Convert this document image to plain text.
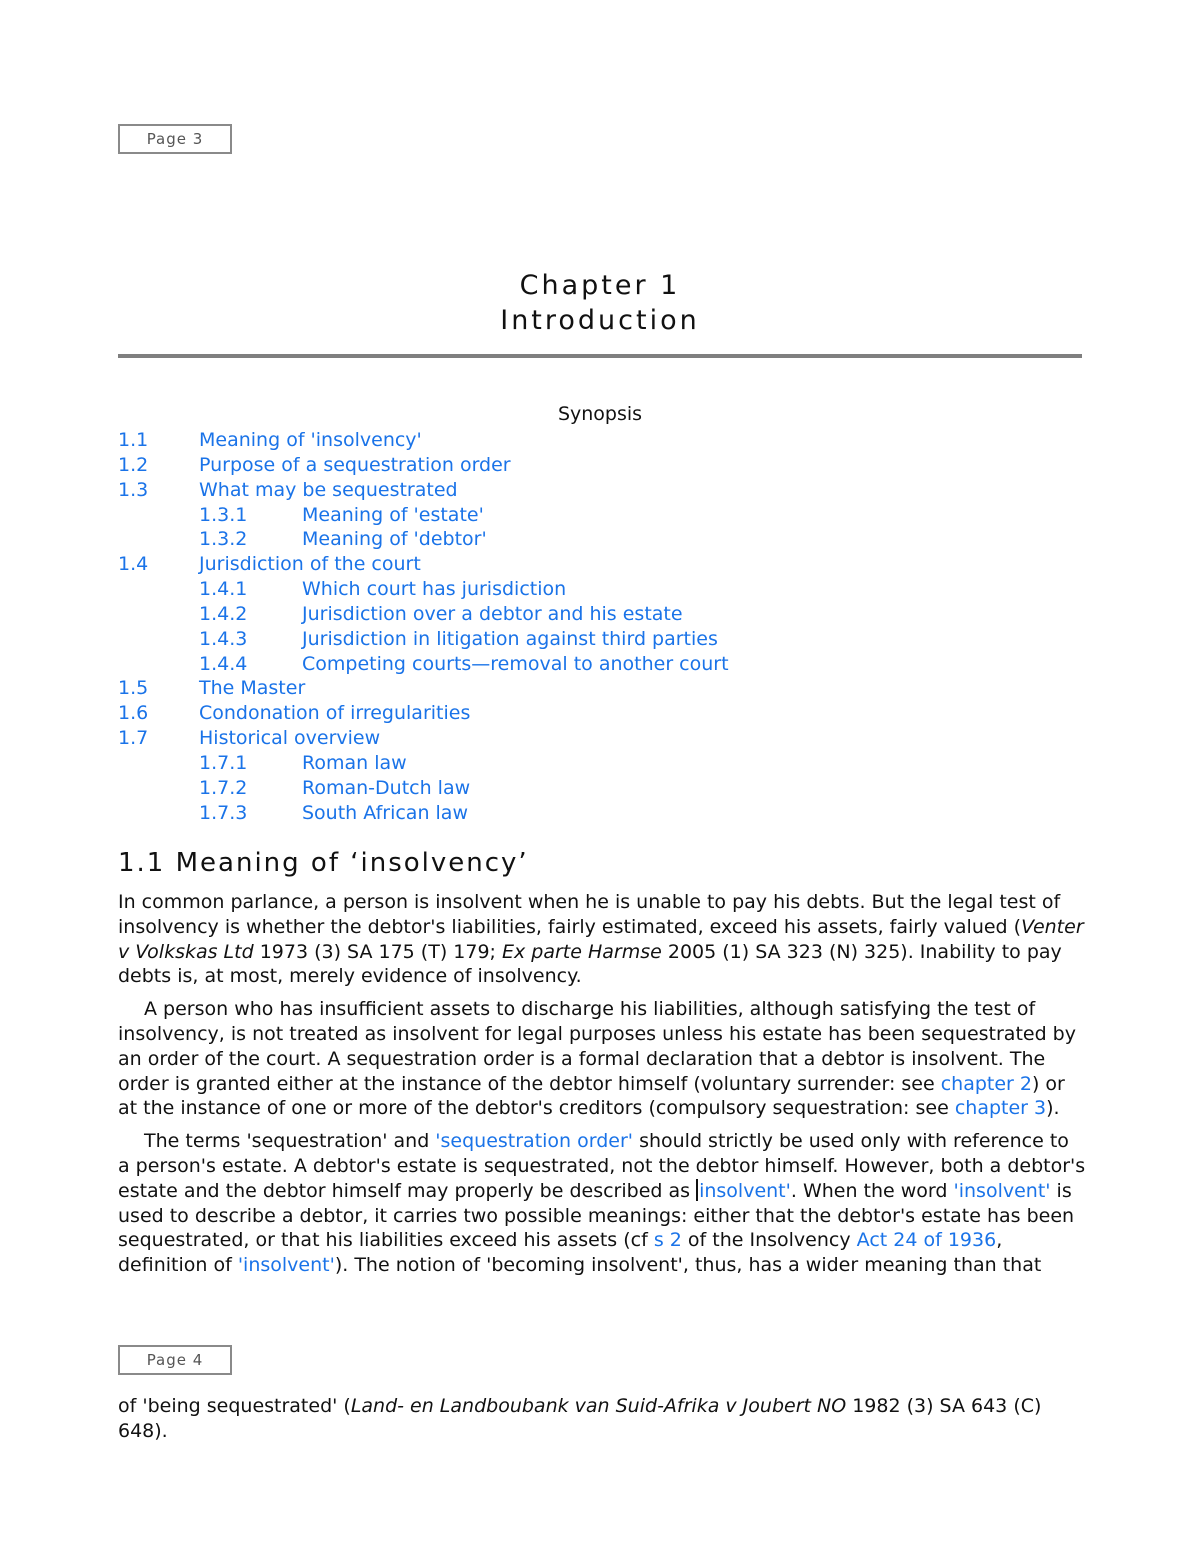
Page 3
Chapter 1
Introduction
Synopsis
1.1	Meaning of 'insolvency'
1.2	Purpose of a sequestration order
1.3	What may be sequestrated
1.3.1	Meaning of 'estate'
1.3.2	Meaning of 'debtor'
1.4	Jurisdiction of the court
1.4.1	Which court has jurisdiction
1.4.2	Jurisdiction over a debtor and his estate
1.4.3	Jurisdiction in litigation against third parties
1.4.4	Competing courts—removal to another court
1.5	The Master
1.6	Condonation of irregularities
1.7	Historical overview
1.7.1	Roman law
1.7.2	Roman-Dutch law
1.7.3	South African law
1.1 Meaning of ‘insolvency’

In common parlance, a person is insolvent when he is unable to pay his debts. But the legal test of insolvency is whether the debtor's liabilities, fairly estimated, exceed his assets, fairly valued (Venter v Volkskas Ltd 1973 (3) SA 175 (T) 179; Ex parte Harmse 2005 (1) SA 323 (N) 325). Inability to pay debts is, at most, merely evidence of insolvency.

A person who has insufficient assets to discharge his liabilities, although satisfying the test of insolvency, is not treated as insolvent for legal purposes unless his estate has been sequestrated by an order of the court. A sequestration order is a formal declaration that a debtor is insolvent. The order is granted either at the instance of the debtor himself (voluntary surrender: see chapter 2) or at the instance of one or more of the debtor's creditors (compulsory sequestration: see chapter 3).

The terms 'sequestration' and 'sequestration order' should strictly be used only with reference to a person's estate. A debtor's estate is sequestrated, not the debtor himself. However, both a debtor's estate and the debtor himself may properly be described as insolvent'. When the word 'insolvent' is used to describe a debtor, it carries two possible meanings: either that the debtor's estate has been sequestrated, or that his liabilities exceed his assets (cf s 2 of the Insolvency Act 24 of 1936, definition of 'insolvent'). The notion of 'becoming insolvent', thus, has a wider meaning than that

Page 4

of 'being sequestrated' (Land- en Landboubank van Suid-Afrika v Joubert NO 1982 (3) SA 643 (C) 648).
